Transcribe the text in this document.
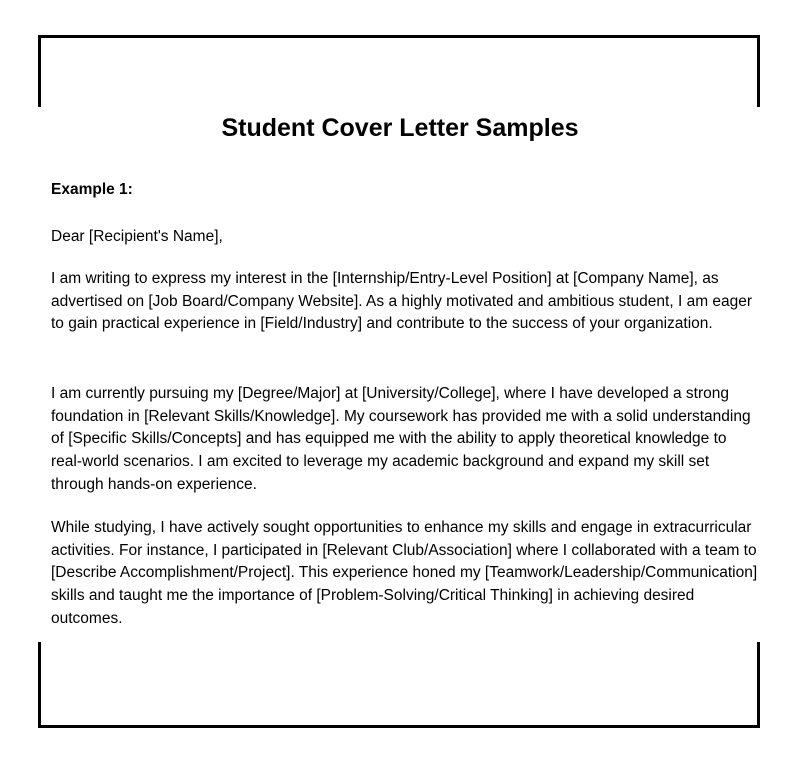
Student Cover Letter Samples

Example 1:

Dear [Recipient's Name],

I am writing to express my interest in the [Internship/Entry-Level Position] at [Company Name], as advertised on [Job Board/Company Website]. As a highly motivated and ambitious student, I am eager to gain practical experience in [Field/Industry] and contribute to the success of your organization.

I am currently pursuing my [Degree/Major] at [University/College], where I have developed a strong foundation in [Relevant Skills/Knowledge]. My coursework has provided me with a solid understanding of [Specific Skills/Concepts] and has equipped me with the ability to apply theoretical knowledge to real-world scenarios. I am excited to leverage my academic background and expand my skill set through hands-on experience.

While studying, I have actively sought opportunities to enhance my skills and engage in extracurricular activities. For instance, I participated in [Relevant Club/Association] where I collaborated with a team to [Describe Accomplishment/Project]. This experience honed my [Teamwork/Leadership/Communication] skills and taught me the importance of [Problem-Solving/Critical Thinking] in achieving desired outcomes.
